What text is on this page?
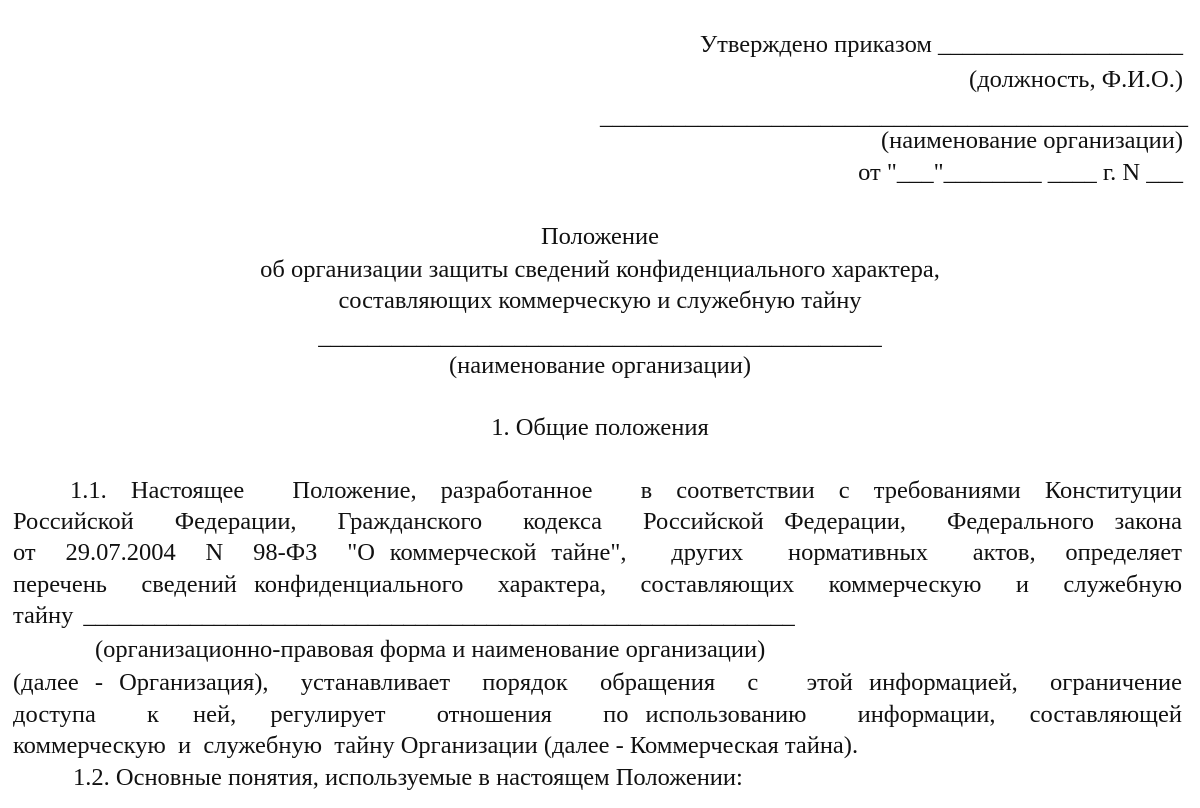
Утверждено приказом ____________________
(должность, Ф.И.О.)
________________________________________________
(наименование организации)
от "___"________ ____ г. N ___
Положение
об организации защиты сведений конфиденциального характера,
составляющих коммерческую и служебную тайну
______________________________________________
(наименование организации)
1. Общие положения
1.1. Настоящее  Положение, разработанное  в соответствии с требованиями Конституции
Российской  Федерации,  Гражданского  кодекса  Российской Федерации,  Федерального закона
от  29.07.2004  N  98-ФЗ  "О коммерческой тайне",   других   нормативных   актов,  определяет
перечень  сведений конфиденциального  характера,  составляющих  коммерческую  и  служебную
тайну ____________________________________________________________
(организационно-правовая форма и наименование организации)
(далее - Организация),  устанавливает  порядок  обращения  с   этой информацией,  ограничение
доступа   к  ней,  регулирует   отношения   по использованию   информации,  составляющей
коммерческую  и  служебную  тайну Организации (далее - Коммерческая тайна).
1.2. Основные понятия, используемые в настоящем Положении:
